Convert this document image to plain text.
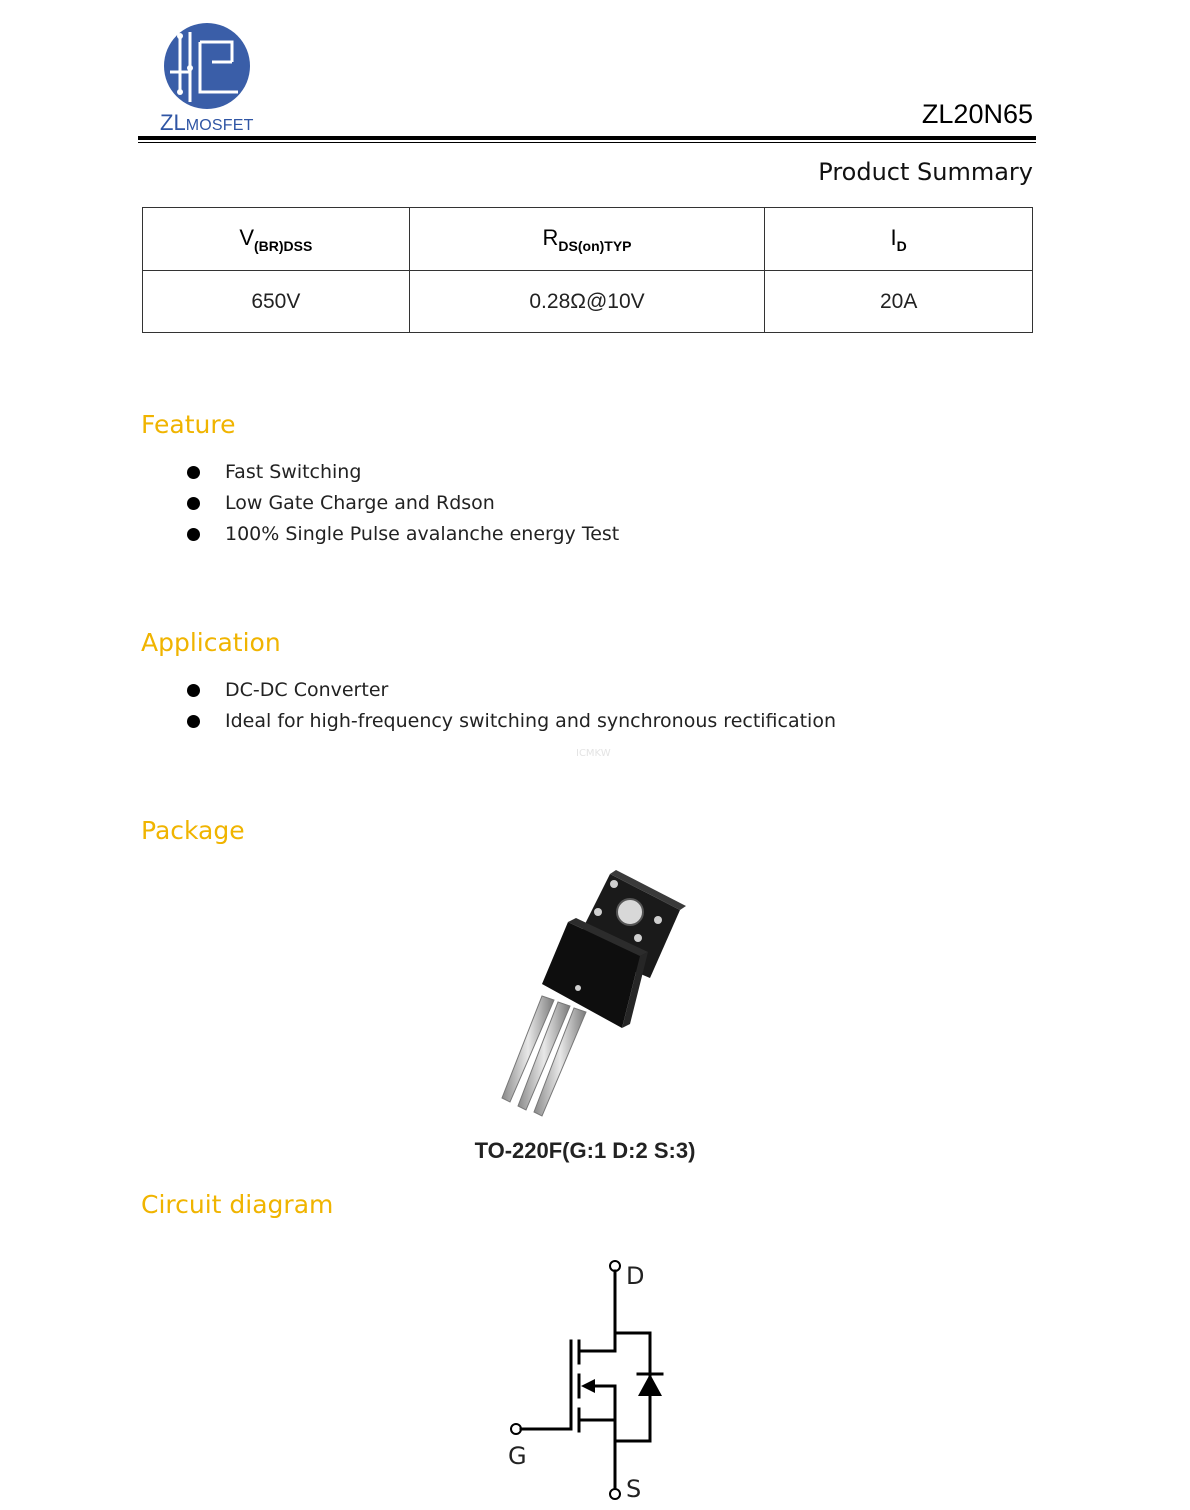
ZLMOSFET	ZL20N65
Product Summary
$V_{(BR)DSS}$	$R_{DS(on)TYP}$	$I_D$
650V	0.28Ω@10V	20A
Feature
Fast Switching
Low Gate Charge and Rdson
100% Single Pulse avalanche energy Test
Application
DC-DC Converter
Ideal for high-frequency switching and synchronous rectification
ICMKW
Package
TO-220F(G:1 D:2 S:3)
Circuit diagram
D
G
S
